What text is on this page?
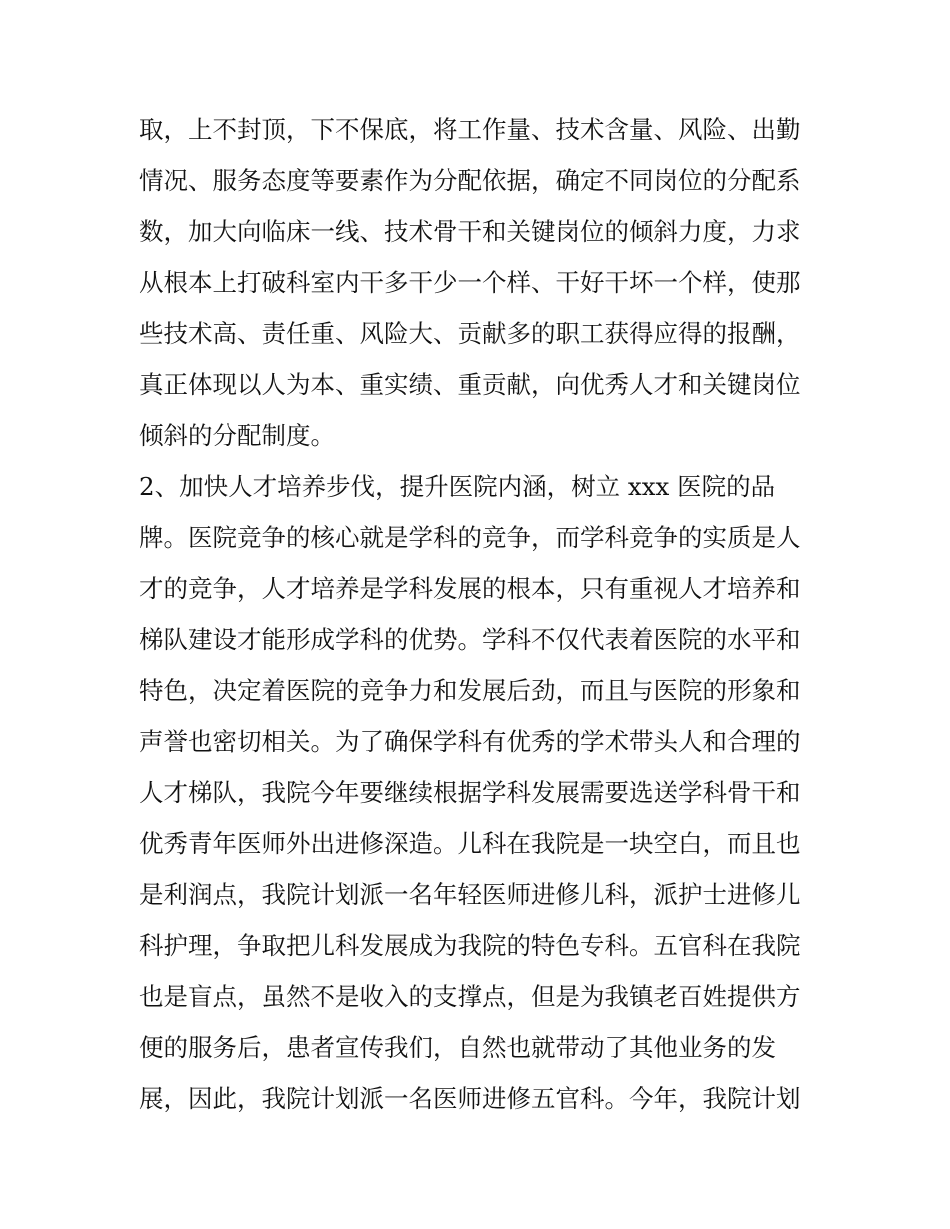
取，上不封顶，下不保底，将工作量、技术含量、风险、出勤
情况、服务态度等要素作为分配依据，确定不同岗位的分配系
数，加大向临床一线、技术骨干和关键岗位的倾斜力度，力求
从根本上打破科室内干多干少一个样、干好干坏一个样，使那
些技术高、责任重、风险大、贡献多的职工获得应得的报酬，
真正体现以人为本、重实绩、重贡献，向优秀人才和关键岗位
倾斜的分配制度。
2、加快人才培养步伐，提升医院内涵，树立 xxx 医院的品
牌。医院竞争的核心就是学科的竞争，而学科竞争的实质是人
才的竞争，人才培养是学科发展的根本，只有重视人才培养和
梯队建设才能形成学科的优势。学科不仅代表着医院的水平和
特色，决定着医院的竞争力和发展后劲，而且与医院的形象和
声誉也密切相关。为了确保学科有优秀的学术带头人和合理的
人才梯队，我院今年要继续根据学科发展需要选送学科骨干和
优秀青年医师外出进修深造。儿科在我院是一块空白，而且也
是利润点，我院计划派一名年轻医师进修儿科，派护士进修儿
科护理，争取把儿科发展成为我院的特色专科。五官科在我院
也是盲点，虽然不是收入的支撑点，但是为我镇老百姓提供方
便的服务后，患者宣传我们，自然也就带动了其他业务的发
展，因此，我院计划派一名医师进修五官科。今年，我院计划
